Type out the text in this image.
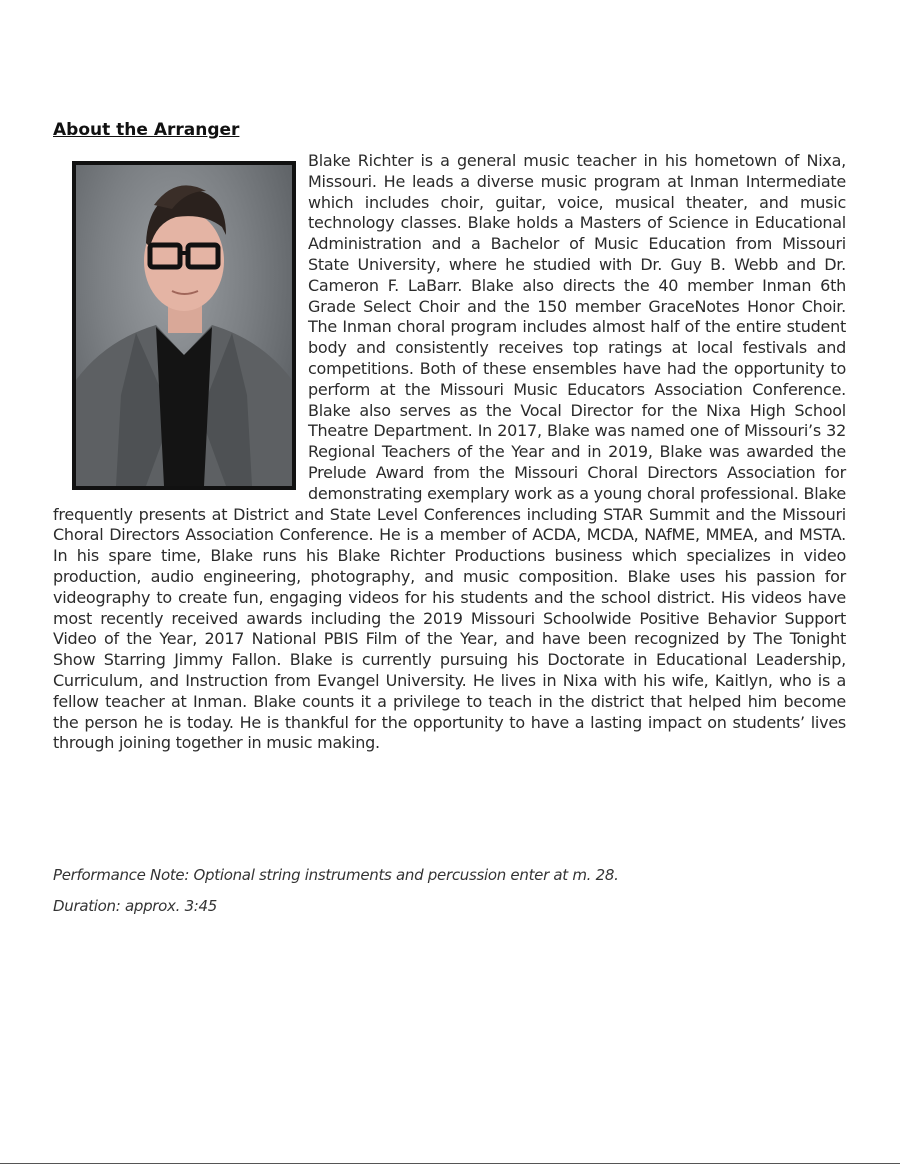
About the Arranger
Blake Richter is a general music teacher in his hometown of Nixa, Missouri. He leads a diverse music program at Inman Intermediate which includes choir, guitar, voice, musical theater, and music technology classes. Blake holds a Masters of Science in Educational Administration and a Bachelor of Music Education from Missouri State University, where he studied with Dr. Guy B. Webb and Dr. Cameron F. LaBarr. Blake also directs the 40 member Inman 6th Grade Select Choir and the 150 member GraceNotes Honor Choir. The Inman choral program includes almost half of the entire student body and consistently receives top ratings at local festivals and competitions. Both of these ensembles have had the opportunity to perform at the Missouri Music Educators Association Conference. Blake also serves as the Vocal Director for the Nixa High School Theatre Department. In 2017, Blake was named one of Missouri’s 32 Regional Teachers of the Year and in 2019, Blake was awarded the Prelude Award from the Missouri Choral Directors Association for demonstrating exemplary work as a young choral professional. Blake frequently presents at District and State Level Conferences including STAR Summit and the Missouri Choral Directors Association Conference. He is a member of ACDA, MCDA, NAfME, MMEA, and MSTA. In his spare time, Blake runs his Blake Richter Productions business which specializes in video production, audio engineering, photography, and music composition. Blake uses his passion for videography to create fun, engaging videos for his students and the school district. His videos have most recently received awards including the 2019 Missouri Schoolwide Positive Behavior Support Video of the Year, 2017 National PBIS Film of the Year, and have been recognized by The Tonight Show Starring Jimmy Fallon. Blake is currently pursuing his Doctorate in Educational Leadership, Curriculum, and Instruction from Evangel University. He lives in Nixa with his wife, Kaitlyn, who is a fellow teacher at Inman. Blake counts it a privilege to teach in the district that helped him become the person he is today. He is thankful for the opportunity to have a lasting impact on students’ lives through joining together in music making.

Performance Note: Optional string instruments and percussion enter at m. 28.

Duration: approx. 3:45
